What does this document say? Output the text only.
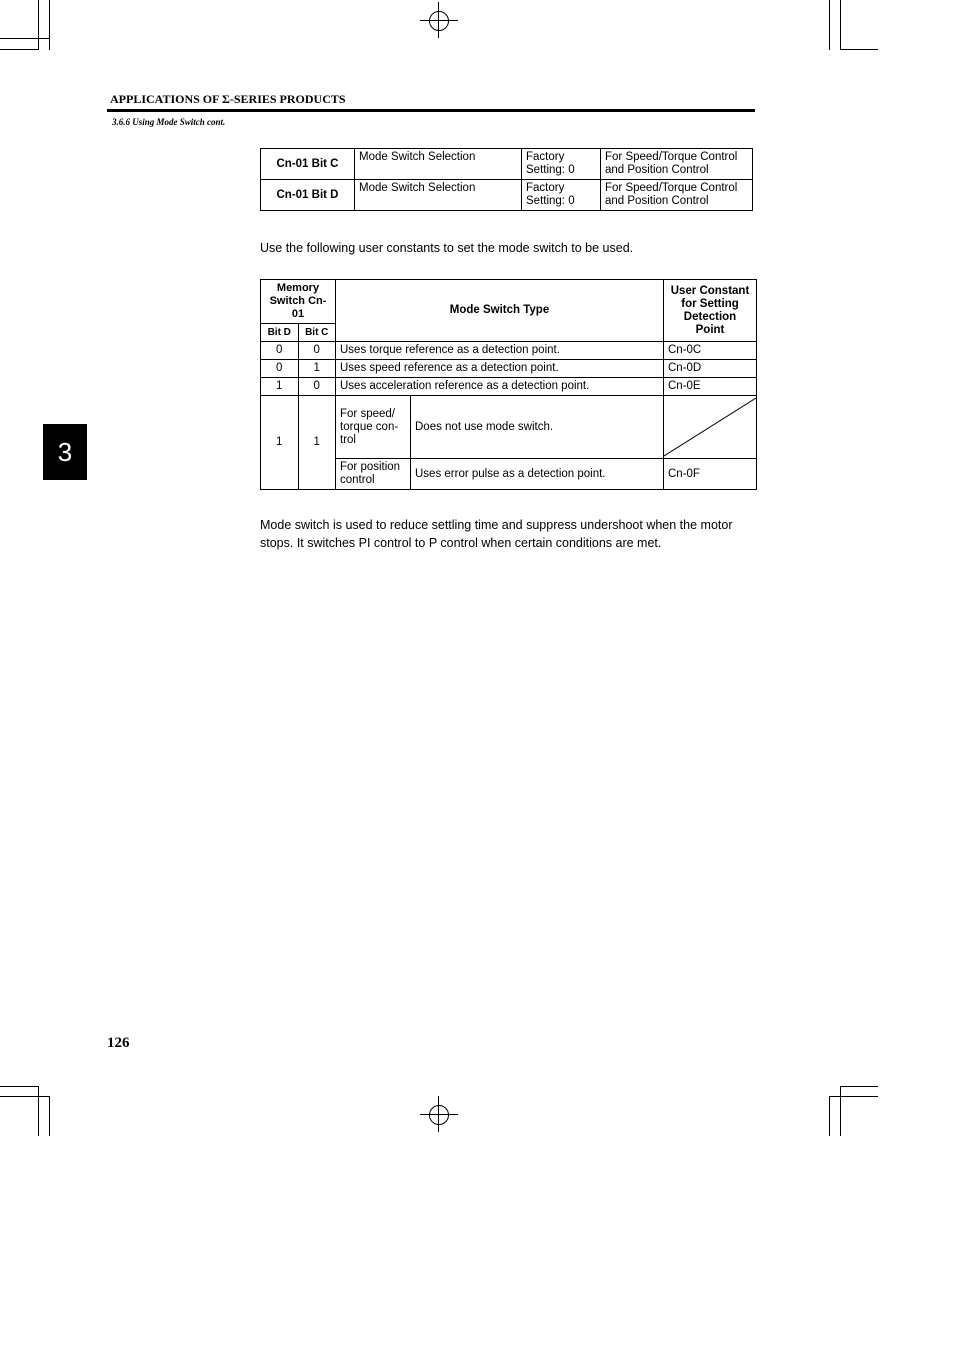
APPLICATIONS OF Σ-SERIES PRODUCTS
3.6.6 Using Mode Switch cont.
Cn-01 Bit C	Mode Switch Selection	Factory Setting: 0	For Speed/Torque Control and Position Control
Cn-01 Bit D	Mode Switch Selection	Factory Setting: 0	For Speed/Torque Control and Position Control
Use the following user constants to set the mode switch to be used.
Memory Switch Cn-01		Mode Switch Type		User Constant for Setting Detection Point
Bit D	Bit C			
0	0	Uses torque reference as a detection point.		Cn-0C
0	1	Uses speed reference as a detection point.		Cn-0D
1	0	Uses acceleration reference as a detection point.		Cn-0E
1	1	For speed/ torque con- trol	Does not use mode switch.	

		For position control	Uses error pulse as a detection point.	Cn-0F
Mode switch is used to reduce settling time and suppress undershoot when the motor stops. It switches PI control to P control when certain conditions are met.
3
126
